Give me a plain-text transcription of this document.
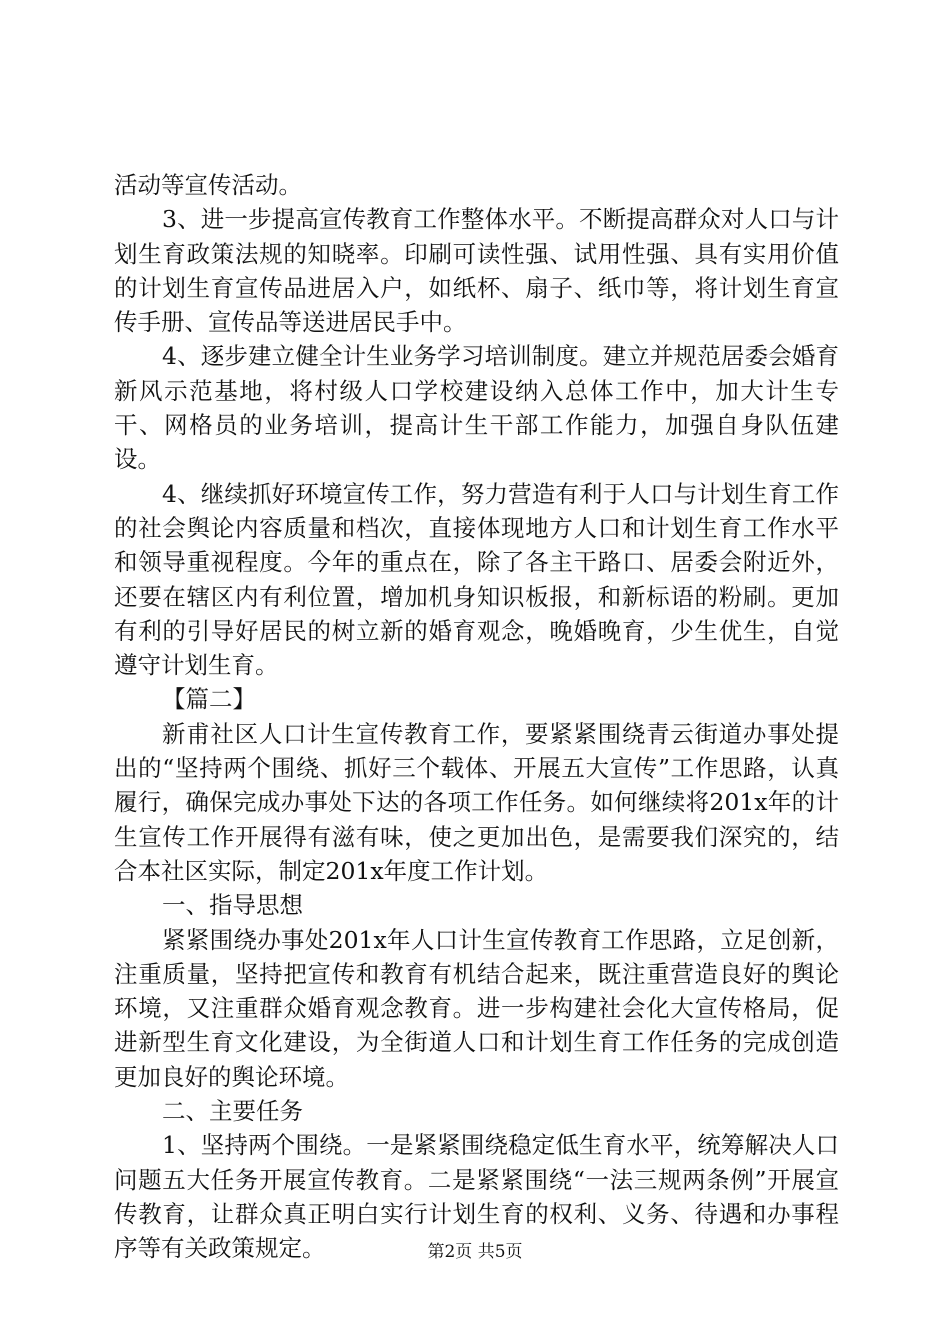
活动等宣传活动。

3、进一步提高宣传教育工作整体水平。不断提高群众对人口与计划生育政策法规的知晓率。印刷可读性强、试用性强、具有实用价值的计划生育宣传品进居入户，如纸杯、扇子、纸巾等，将计划生育宣传手册、宣传品等送进居民手中。

4、逐步建立健全计生业务学习培训制度。建立并规范居委会婚育新风示范基地，将村级人口学校建设纳入总体工作中，加大计生专干、网格员的业务培训，提高计生干部工作能力，加强自身队伍建设。

4、继续抓好环境宣传工作，努力营造有利于人口与计划生育工作的社会舆论内容质量和档次，直接体现地方人口和计划生育工作水平和领导重视程度。今年的重点在，除了各主干路口、居委会附近外，还要在辖区内有利位置，增加机身知识板报，和新标语的粉刷。更加有利的引导好居民的树立新的婚育观念，晚婚晚育，少生优生，自觉遵守计划生育。

【篇二】

新甫社区人口计生宣传教育工作，要紧紧围绕青云街道办事处提出的“坚持两个围绕、抓好三个载体、开展五大宣传”工作思路，认真履行，确保完成办事处下达的各项工作任务。如何继续将201x年的计生宣传工作开展得有滋有味，使之更加出色，是需要我们深究的，结合本社区实际，制定201x年度工作计划。

一、指导思想

紧紧围绕办事处201x年人口计生宣传教育工作思路，立足创新，注重质量，坚持把宣传和教育有机结合起来，既注重营造良好的舆论环境，又注重群众婚育观念教育。进一步构建社会化大宣传格局，促进新型生育文化建设，为全街道人口和计划生育工作任务的完成创造更加良好的舆论环境。

二、主要任务

1、坚持两个围绕。一是紧紧围绕稳定低生育水平，统筹解决人口问题五大任务开展宣传教育。二是紧紧围绕“一法三规两条例”开展宣传教育，让群众真正明白实行计划生育的权利、义务、待遇和办事程序等有关政策规定。	第2页 共5页
